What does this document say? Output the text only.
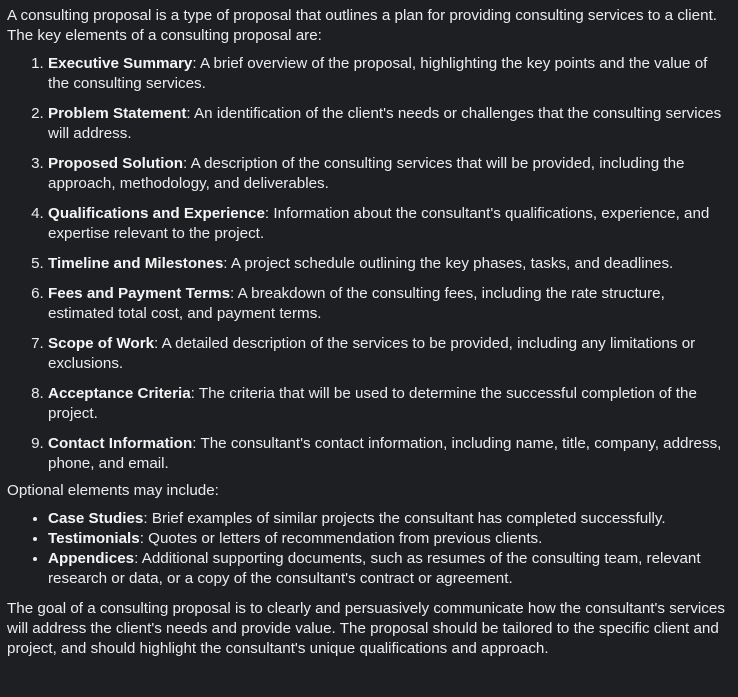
A consulting proposal is a type of proposal that outlines a plan for providing consulting services to a client. The key elements of a consulting proposal are:

1. Executive Summary: A brief overview of the proposal, highlighting the key points and the value of the consulting services.
2. Problem Statement: An identification of the client's needs or challenges that the consulting services will address.
3. Proposed Solution: A description of the consulting services that will be provided, including the approach, methodology, and deliverables.
4. Qualifications and Experience: Information about the consultant's qualifications, experience, and expertise relevant to the project.
5. Timeline and Milestones: A project schedule outlining the key phases, tasks, and deadlines.
6. Fees and Payment Terms: A breakdown of the consulting fees, including the rate structure, estimated total cost, and payment terms.
7. Scope of Work: A detailed description of the services to be provided, including any limitations or exclusions.
8. Acceptance Criteria: The criteria that will be used to determine the successful completion of the project.
9. Contact Information: The consultant's contact information, including name, title, company, address, phone, and email.

Optional elements may include:

• Case Studies: Brief examples of similar projects the consultant has completed successfully.
• Testimonials: Quotes or letters of recommendation from previous clients.
• Appendices: Additional supporting documents, such as resumes of the consulting team, relevant research or data, or a copy of the consultant's contract or agreement.

The goal of a consulting proposal is to clearly and persuasively communicate how the consultant's services will address the client's needs and provide value. The proposal should be tailored to the specific client and project, and should highlight the consultant's unique qualifications and approach.
